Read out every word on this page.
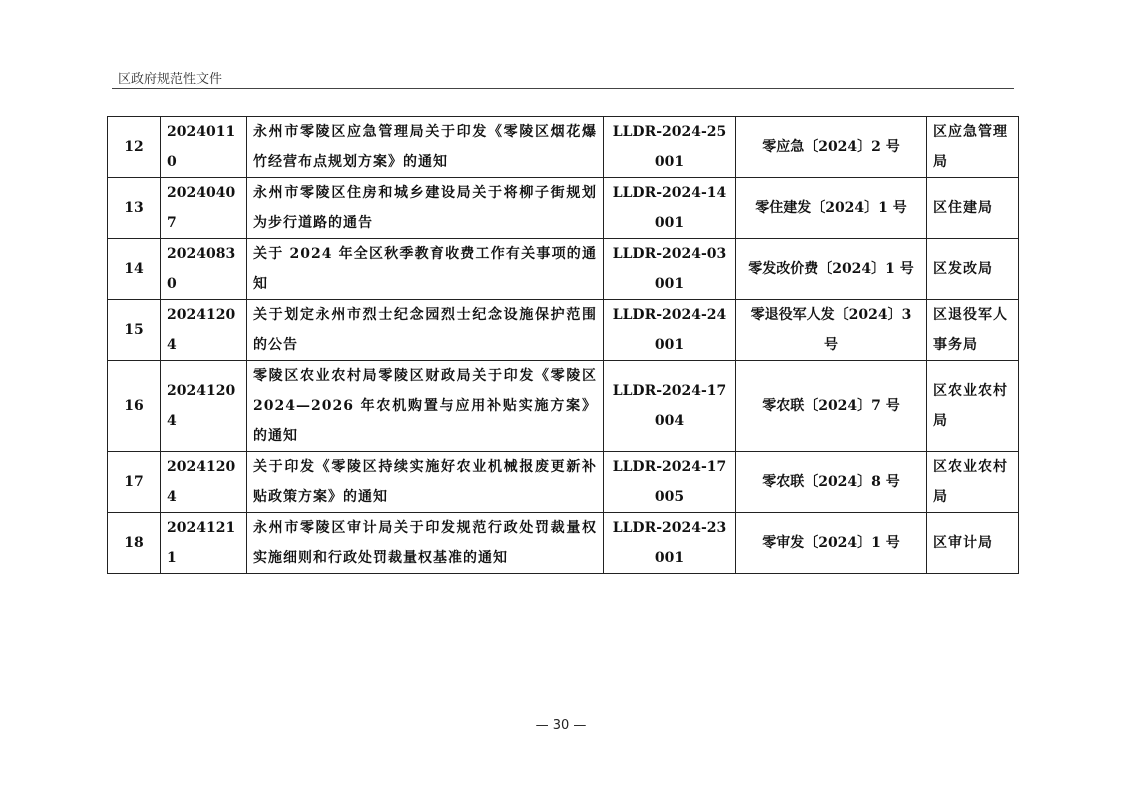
区政府规范性文件
12	20240110	永州市零陵区应急管理局关于印发《零陵区烟花爆竹经营布点规划方案》的通知	LLDR-2024-25001	零应急〔2024〕2 号	区应急管理局
13	20240407	永州市零陵区住房和城乡建设局关于将柳子街规划为步行道路的通告	LLDR-2024-14001	零住建发〔2024〕1 号	区住建局
14	20240830	关于 2024 年全区秋季教育收费工作有关事项的通知	LLDR-2024-03001	零发改价费〔2024〕1 号	区发改局
15	20241204	关于划定永州市烈士纪念园烈士纪念设施保护范围的公告	LLDR-2024-24001	零退役军人发〔2024〕3 号	区退役军人事务局
16	20241204	零陵区农业农村局零陵区财政局关于印发《零陵区 2024—2026 年农机购置与应用补贴实施方案》的通知	LLDR-2024-17004	零农联〔2024〕7 号	区农业农村局
17	20241204	关于印发《零陵区持续实施好农业机械报废更新补贴政策方案》的通知	LLDR-2024-17005	零农联〔2024〕8 号	区农业农村局
18	20241211	永州市零陵区审计局关于印发规范行政处罚裁量权实施细则和行政处罚裁量权基准的通知	LLDR-2024-23001	零审发〔2024〕1 号	区审计局
— 30 —
